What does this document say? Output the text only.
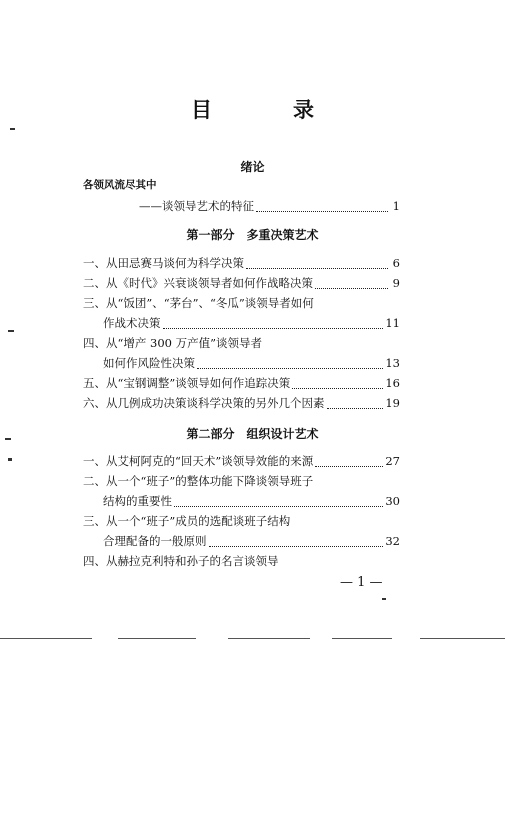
目　录
绪论
各领风流尽其中
——谈领导艺术的特征	1
第一部分　多重决策艺术
一、从田忌赛马谈何为科学决策	6
二、从《时代》兴衰谈领导者如何作战略决策	9
三、从“饭团”、“茅台”、“冬瓜”谈领导者如何
作战术决策	11
四、从“增产 300 万产值”谈领导者
如何作风险性决策	13
五、从“宝钢调整”谈领导如何作追踪决策	16
六、从几例成功决策谈科学决策的另外几个因素	19
第二部分　组织设计艺术
一、从艾柯阿克的“回天术”谈领导效能的来源	27
二、从一个“班子”的整体功能下降谈领导班子
结构的重要性	30
三、从一个“班子”成员的选配谈班子结构
合理配备的一般原则	32
四、从赫拉克利特和孙子的名言谈领导
— 1 —
